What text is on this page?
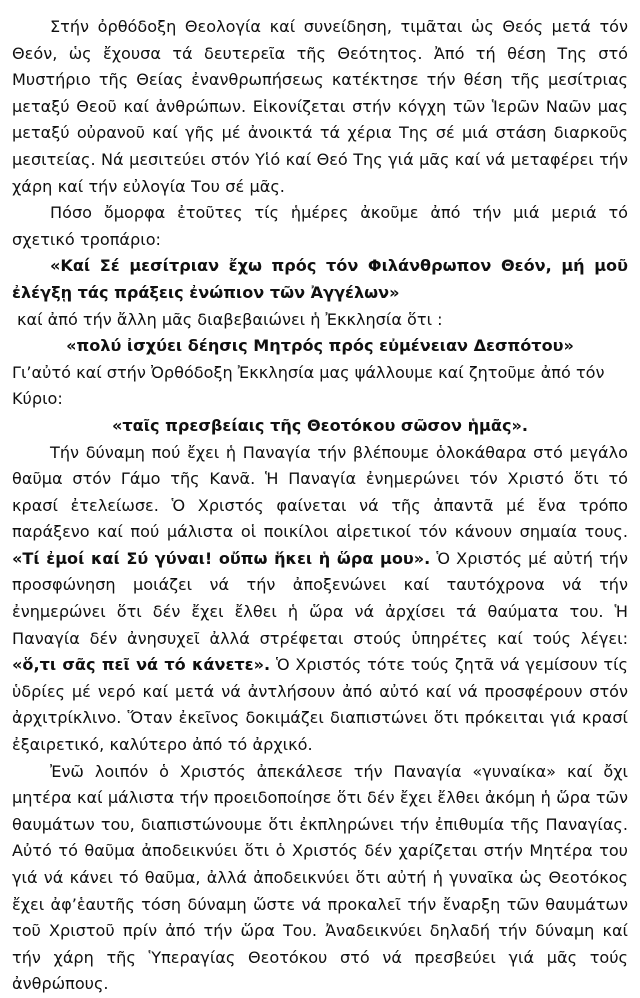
Στήν ὀρθόδοξη Θεολογία καί συνείδηση, τιμᾶται ὡς Θεός μετά τόν Θεόν, ὡς ἔχουσα τά δευτερεῖα τῆς Θεότητος. Ἀπό τή θέση Της στό Μυστήριο τῆς Θείας ἐνανθρωπήσεως κατέκτησε τήν θέση τῆς μεσίτριας μεταξύ Θεοῦ καί ἀνθρώπων. Εἰκονίζεται στήν κόγχη τῶν Ἱερῶν Ναῶν μας μεταξύ οὐρανοῦ καί γῆς μέ ἀνοικτά τά χέρια Της σέ μιά στάση διαρκοῦς μεσιτείας. Νά μεσιτεύει στόν Υἱό καί Θεό Της γιά μᾶς καί νά μεταφέρει τήν χάρη καί τήν εὐλογία Του σέ μᾶς.

Πόσο ὄμορφα ἐτοῦτες τίς ἡμέρες ἀκοῦμε ἀπό τήν μιά μεριά τό σχετικό τροπάριο:

«Καί Σέ μεσίτριαν ἔχω πρός τόν Φιλάνθρωπον Θεόν, μή μοῦ ἐλέγξῃ τάς πράξεις ἐνώπιον τῶν Ἀγγέλων»

καί ἀπό τήν ἄλλη μᾶς διαβεβαιώνει ἡ Ἐκκλησία ὅτι :

«πολύ ἰσχύει δέησις Μητρός πρός εὐμένειαν Δεσπότου»

Γι’αὐτό καί στήν Ὀρθόδοξη Ἐκκλησία μας ψάλλουμε καί ζητοῦμε ἀπό τόν Κύριο:

«ταῖς πρεσβείαις τῆς Θεοτόκου σῶσον ἡμᾶς».

Τήν δύναμη πού ἔχει ἡ Παναγία τήν βλέπουμε ὁλοκάθαρα στό μεγάλο θαῦμα στόν Γάμο τῆς Κανᾶ. Ἡ Παναγία ἐνημερώνει τόν Χριστό ὅτι τό κρασί ἐτελείωσε. Ὁ Χριστός φαίνεται νά τῆς ἀπαντᾶ μέ ἕνα τρόπο παράξενο καί πού μάλιστα οἱ ποικίλοι αἱρετικοί τόν κάνουν σημαία τους. «Τί ἐμοί καί Σύ γύναι! οὔπω ἥκει ἡ ὥρα μου». Ὁ Χριστός μέ αὐτή τήν προσφώνηση μοιάζει νά τήν ἀποξενώνει καί ταυτόχρονα νά τήν ἐνημερώνει ὅτι δέν ἔχει ἔλθει ἡ ὥρα νά ἀρχίσει τά θαύματα του. Ἡ Παναγία δέν ἀνησυχεῖ ἀλλά στρέφεται στούς ὑπηρέτες καί τούς λέγει: «ὅ,τι σᾶς πεῖ νά τό κάνετε». Ὁ Χριστός τότε τούς ζητᾶ νά γεμίσουν τίς ὑδρίες μέ νερό καί μετά νά ἀντλήσουν ἀπό αὐτό καί νά προσφέρουν στόν ἀρχιτρίκλινο. Ὅταν ἐκεῖνος δοκιμάζει διαπιστώνει ὅτι πρόκειται γιά κρασί ἐξαιρετικό, καλύτερο ἀπό τό ἀρχικό.

Ἐνῶ λοιπόν ὁ Χριστός ἀπεκάλεσε τήν Παναγία «γυναίκα» καί ὄχι μητέρα καί μάλιστα τήν προειδοποίησε ὅτι δέν ἔχει ἔλθει ἀκόμη ἡ ὥρα τῶν θαυμάτων του, διαπιστώνουμε ὅτι ἐκπληρώνει τήν ἐπιθυμία τῆς Παναγίας. Αὐτό τό θαῦμα ἀποδεικνύει ὅτι ὁ Χριστός δέν χαρίζεται στήν Μητέρα του γιά νά κάνει τό θαῦμα, ἀλλά ἀποδεικνύει ὅτι αὐτή ἡ γυναῖκα ὡς Θεοτόκος ἔχει ἀφ’ἑαυτῆς τόση δύναμη ὥστε νά προκαλεῖ τήν ἔναρξη τῶν θαυμάτων τοῦ Χριστοῦ πρίν ἀπό τήν ὥρα Του. Ἀναδεικνύει δηλαδή τήν δύναμη καί τήν χάρη τῆς Ὑπεραγίας Θεοτόκου στό νά πρεσβεύει γιά μᾶς τούς ἀνθρώπους.
